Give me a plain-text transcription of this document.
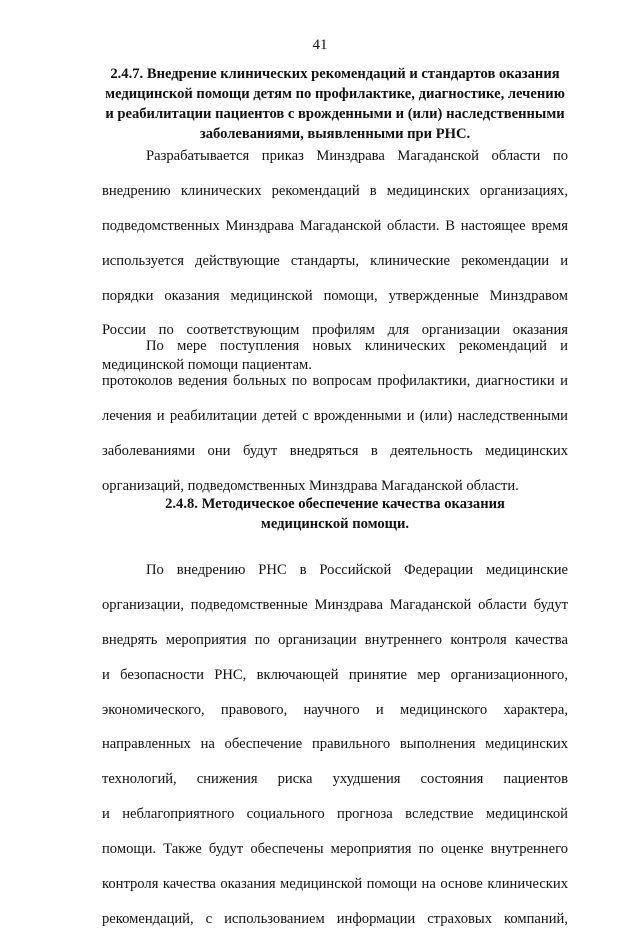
41
2.4.7. Внедрение клинических рекомендаций и стандартов оказания
медицинской помощи детям по профилактике, диагностике, лечению
и реабилитации пациентов с врожденными и (или) наследственными
заболеваниями, выявленными при РНС.
Разрабатывается приказ Минздрава Магаданской области по
внедрению клинических рекомендаций в медицинских организациях,
подведомственных Минздрава Магаданской области. В настоящее время
используется действующие стандарты, клинические рекомендации и
порядки оказания медицинской помощи, утвержденные Минздравом
России по соответствующим профилям для организации оказания
медицинской помощи пациентам.
По мере поступления новых клинических рекомендаций и
протоколов ведения больных по вопросам профилактики, диагностики и
лечения и реабилитации детей с врожденными и (или) наследственными
заболеваниями они будут внедряться в деятельность медицинских
организаций, подведомственных Минздрава Магаданской области.
2.4.8. Методическое обеспечение качества оказания
медицинской помощи.
По внедрению РНС в Российской Федерации медицинские
организации, подведомственные Минздрава Магаданской области будут
внедрять мероприятия по организации внутреннего контроля качества
и безопасности РНС, включающей принятие мер организационного,
экономического, правового, научного и медицинского характера,
направленных на обеспечение правильного выполнения медицинских
технологий, снижения риска ухудшения состояния пациентов
и неблагоприятного социального прогноза вследствие медицинской
помощи. Также будут обеспечены мероприятия по оценке внутреннего
контроля качества оказания медицинской помощи на основе клинических
рекомендаций, с использованием информации страховых компаний,
